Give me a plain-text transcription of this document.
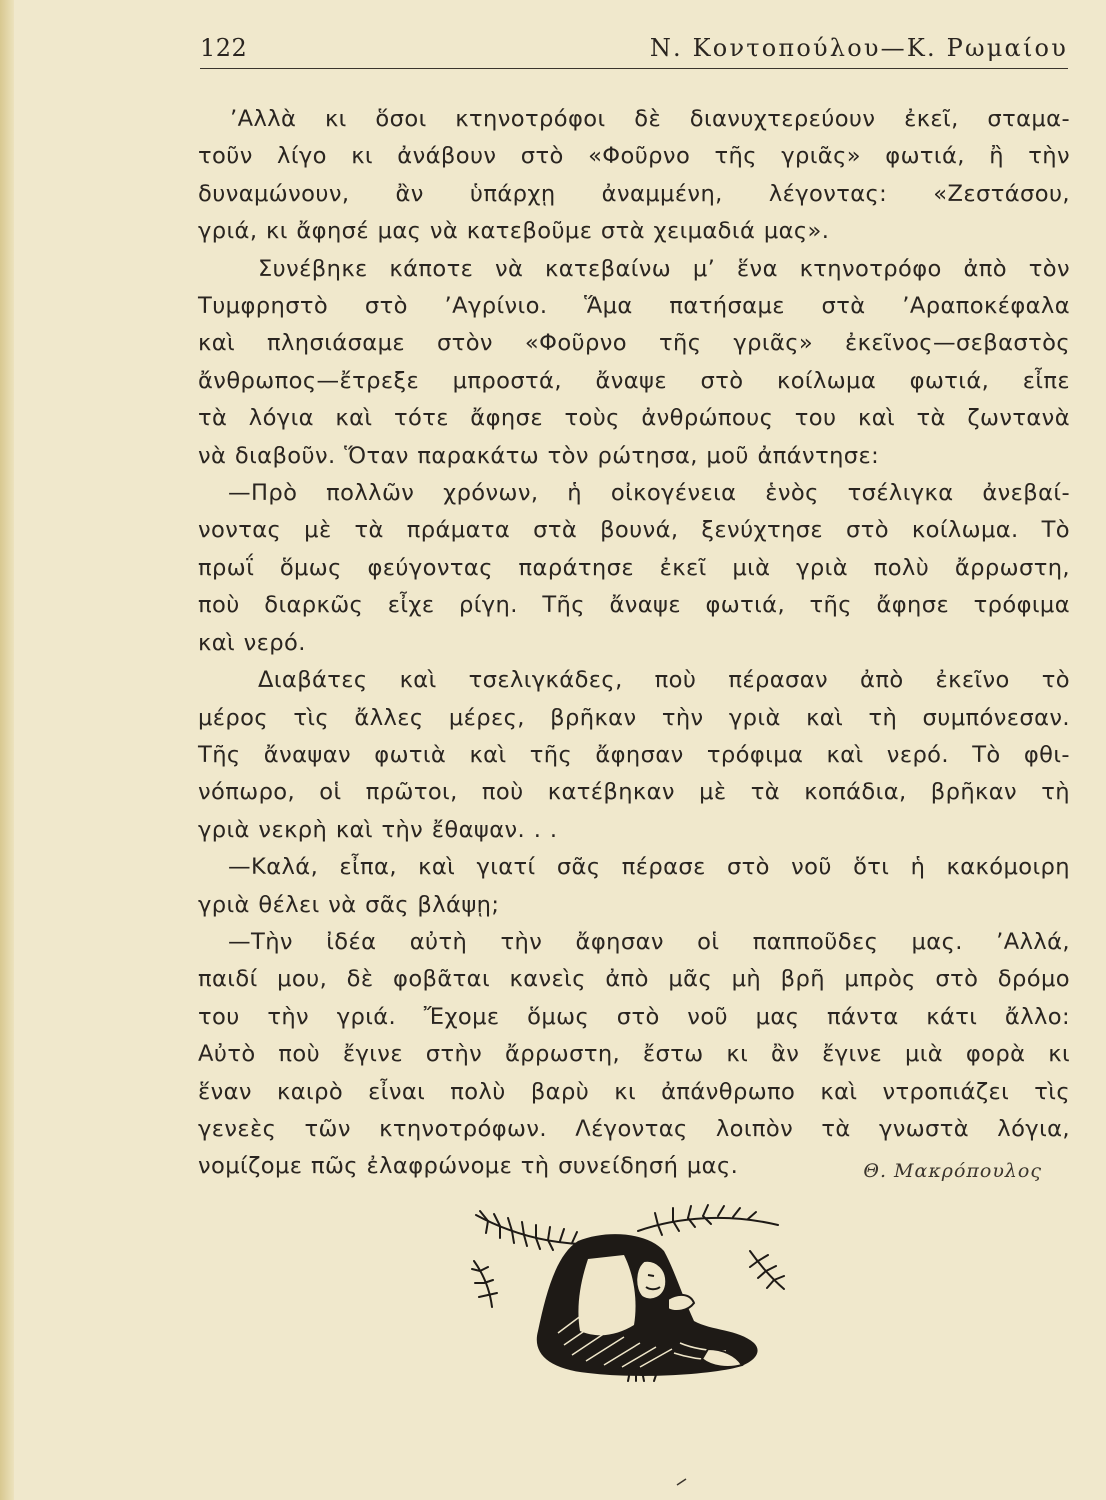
122	Ν. Κοντοπούλου—Κ. Ρωμαίου
’Αλλὰ κι ὅσοι κτηνοτρόφοι δὲ διανυχτερεύουν ἐκεῖ, σταμα-
τοῦν λίγο κι ἀνάβουν στὸ «Φοῦρνο τῆς γριᾶς» φωτιά, ἢ τὴν
δυναμώνουν, ἂν ὑπάρχῃ ἀναμμένη, λέγοντας: «Ζεστάσου,
γριά, κι ἄφησέ μας νὰ κατεβοῦμε στὰ χειμαδιά μας».
Συνέβηκε κάποτε νὰ κατεβαίνω μ’ ἕνα κτηνοτρόφο ἀπὸ τὸν
Τυμφρηστὸ στὸ ’Αγρίνιο. Ἅμα πατήσαμε στὰ ’Αραποκέφαλα
καὶ πλησιάσαμε στὸν «Φοῦρνο τῆς γριᾶς» ἐκεῖνος—σεβαστὸς
ἄνθρωπος—ἔτρεξε μπροστά, ἄναψε στὸ κοίλωμα φωτιά, εἶπε
τὰ λόγια καὶ τότε ἄφησε τοὺς ἀνθρώπους του καὶ τὰ ζωντανὰ
νὰ διαβοῦν. Ὅταν παρακάτω τὸν ρώτησα, μοῦ ἀπάντησε:
—Πρὸ πολλῶν χρόνων, ἡ οἰκογένεια ἑνὸς τσέλιγκα ἀνεβαί-
νοντας μὲ τὰ πράματα στὰ βουνά, ξενύχτησε στὸ κοίλωμα. Τὸ
πρωΐ ὅμως φεύγοντας παράτησε ἐκεῖ μιὰ γριὰ πολὺ ἄρρωστη,
ποὺ διαρκῶς εἶχε ρίγη. Τῆς ἄναψε φωτιά, τῆς ἄφησε τρόφιμα
καὶ νερό.
Διαβάτες καὶ τσελιγκάδες, ποὺ πέρασαν ἀπὸ ἐκεῖνο τὸ
μέρος τὶς ἄλλες μέρες, βρῆκαν τὴν γριὰ καὶ τὴ συμπόνεσαν.
Τῆς ἄναψαν φωτιὰ καὶ τῆς ἄφησαν τρόφιμα καὶ νερό. Τὸ φθι-
νόπωρο, οἱ πρῶτοι, ποὺ κατέβηκαν μὲ τὰ κοπάδια, βρῆκαν τὴ
γριὰ νεκρὴ καὶ τὴν ἔθαψαν. . .
—Καλά, εἶπα, καὶ γιατί σᾶς πέρασε στὸ νοῦ ὅτι ἡ κακόμοιρη
γριὰ θέλει νὰ σᾶς βλάψῃ;
—Τὴν ἰδέα αὐτὴ τὴν ἄφησαν οἱ παπποῦδες μας. ’Αλλά,
παιδί μου, δὲ φοβᾶται κανεὶς ἀπὸ μᾶς μὴ βρῆ μπρὸς στὸ δρόμο
του τὴν γριά. Ἔχομε ὅμως στὸ νοῦ μας πάντα κάτι ἄλλο:
Αὐτὸ ποὺ ἔγινε στὴν ἄρρωστη, ἔστω κι ἂν ἔγινε μιὰ φορὰ κι
ἕναν καιρὸ εἶναι πολὺ βαρὺ κι ἀπάνθρωπο καὶ ντροπιάζει τὶς
γενεὲς τῶν κτηνοτρόφων. Λέγοντας λοιπὸν τὰ γνωστὰ λόγια,
νομίζομε πῶς ἐλαφρώνομε τὴ συνείδησή μας.	Θ. Μακρόπουλος
